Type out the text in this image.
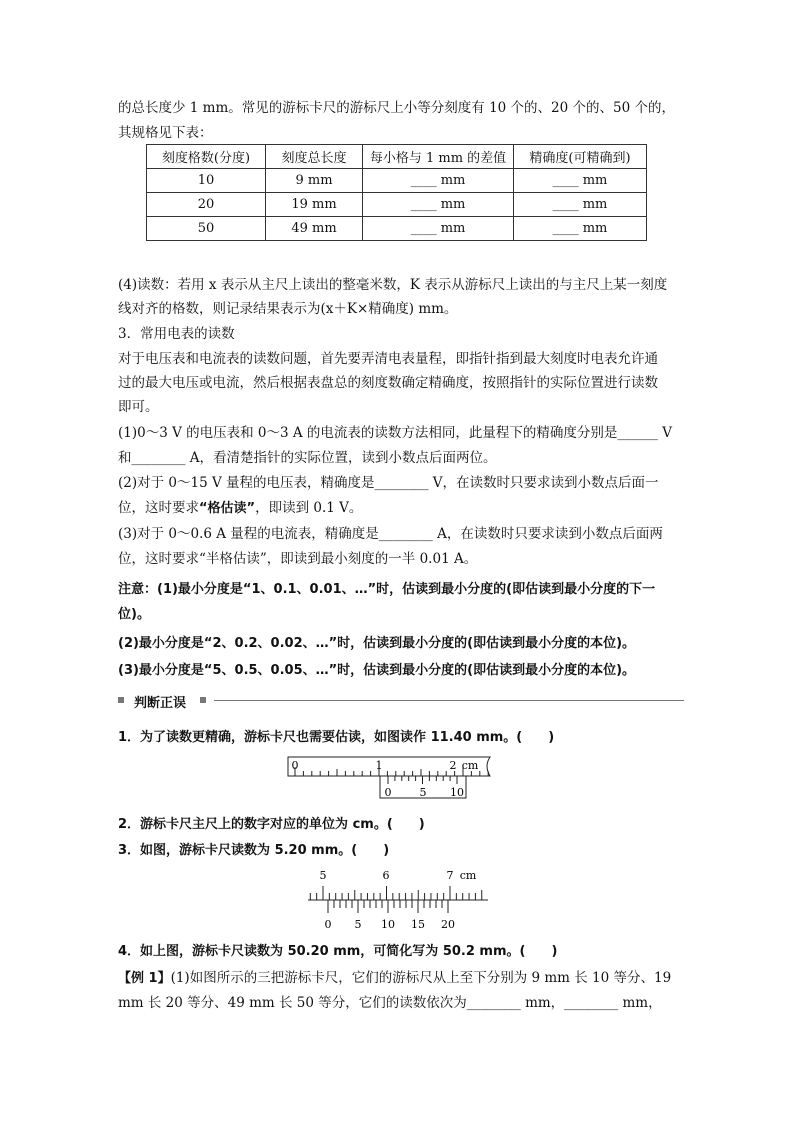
的总长度少 1 mm。常见的游标卡尺的游标尺上小等分刻度有 10 个的、20 个的、50 个的，

其规格见下表：

刻度格数(分度)	刻度总长度	每小格与 1 mm 的差值	精确度(可精确到)
10	9 mm	____ mm	____ mm
20	19 mm	____ mm	____ mm
50	49 mm	____ mm	____ mm

(4)读数：若用 x 表示从主尺上读出的整毫米数，K 表示从游标尺上读出的与主尺上某一刻度

线对齐的格数，则记录结果表示为(x＋K×精确度) mm。

3．常用电表的读数

对于电压表和电流表的读数问题，首先要弄清电表量程，即指针指到最大刻度时电表允许通

过的最大电压或电流，然后根据表盘总的刻度数确定精确度，按照指针的实际位置进行读数

即可。

(1)0～3 V 的电压表和 0～3 A 的电流表的读数方法相同，此量程下的精确度分别是______ V

和________ A，看清楚指针的实际位置，读到小数点后面两位。

(2)对于 0～15 V 量程的电压表，精确度是________ V，在读数时只要求读到小数点后面一

位，这时要求“格估读”，即读到 0.1 V。

(3)对于 0～0.6 A 量程的电流表，精确度是________ A，在读数时只要求读到小数点后面两

位，这时要求“半格估读”，即读到最小刻度的一半 0.01 A。

注意：(1)最小分度是“1、0.1、0.01、…”时，估读到最小分度的(即估读到最小分度的下一

位)。

(2)最小分度是“2、0.2、0.02、…”时，估读到最小分度的(即估读到最小分度的本位)。

(3)最小分度是“5、0.5、0.05、…”时，估读到最小分度的(即估读到最小分度的本位)。

判断正误

1．为了读数更精确，游标卡尺也需要估读，如图读作 11.40 mm。(　　)

0	1	2 cm
0	5 10

2．游标卡尺主尺上的数字对应的单位为 cm。(　　)

3．如图，游标卡尺读数为 5.20 mm。(　　)

5	6	7 cm
0 5 10 15 20

4．如上图，游标卡尺读数为 50.20 mm，可简化写为 50.2 mm。(　　)

【例 1】(1)如图所示的三把游标卡尺，它们的游标尺从上至下分别为 9 mm 长 10 等分、19

mm 长 20 等分、49 mm 长 50 等分，它们的读数依次为________ mm，________ mm，
